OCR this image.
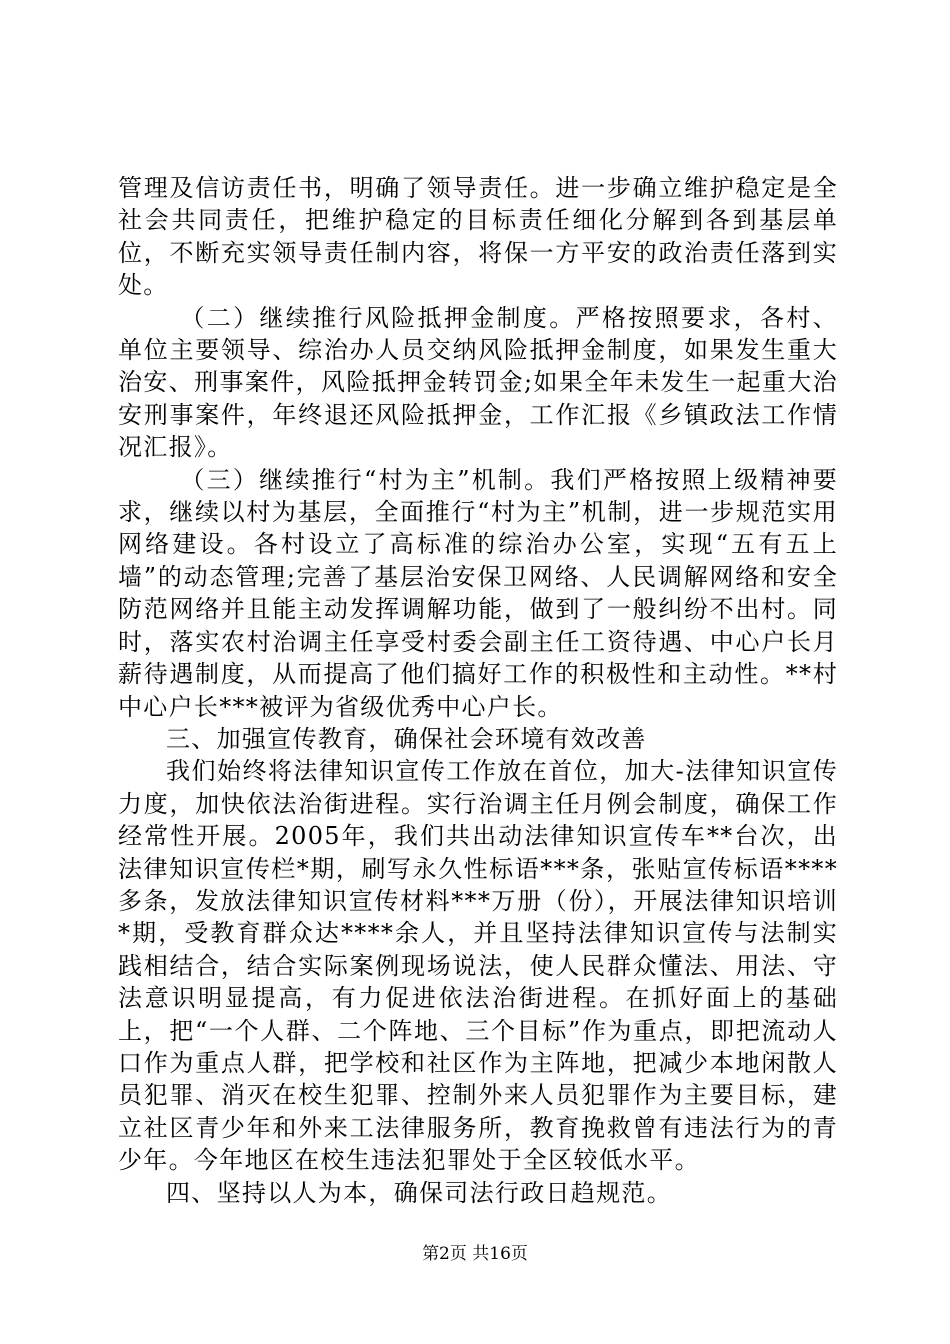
管理及信访责任书，明确了领导责任。进一步确立维护稳定是全社会共同责任，把维护稳定的目标责任细化分解到各到基层单位，不断充实领导责任制内容，将保一方平安的政治责任落到实处。

（二）继续推行风险抵押金制度。严格按照要求，各村、单位主要领导、综治办人员交纳风险抵押金制度，如果发生重大治安、刑事案件，风险抵押金转罚金;如果全年未发生一起重大治安刑事案件，年终退还风险抵押金，工作汇报《乡镇政法工作情况汇报》。

（三）继续推行“村为主”机制。我们严格按照上级精神要求，继续以村为基层，全面推行“村为主”机制，进一步规范实用网络建设。各村设立了高标准的综治办公室，实现“五有五上墙”的动态管理;完善了基层治安保卫网络、人民调解网络和安全防范网络并且能主动发挥调解功能，做到了一般纠纷不出村。同时，落实农村治调主任享受村委会副主任工资待遇、中心户长月薪待遇制度，从而提高了他们搞好工作的积极性和主动性。**村中心户长***被评为省级优秀中心户长。

三、加强宣传教育，确保社会环境有效改善

我们始终将法律知识宣传工作放在首位，加大-法律知识宣传力度，加快依法治街进程。实行治调主任月例会制度，确保工作经常性开展。2005年，我们共出动法律知识宣传车**台次，出法律知识宣传栏*期，刷写永久性标语***条，张贴宣传标语****多条，发放法律知识宣传材料***万册（份），开展法律知识培训*期，受教育群众达****余人，并且坚持法律知识宣传与法制实践相结合，结合实际案例现场说法，使人民群众懂法、用法、守法意识明显提高，有力促进依法治街进程。在抓好面上的基础上，把“一个人群、二个阵地、三个目标”作为重点，即把流动人口作为重点人群，把学校和社区作为主阵地，把减少本地闲散人员犯罪、消灭在校生犯罪、控制外来人员犯罪作为主要目标，建立社区青少年和外来工法律服务所，教育挽救曾有违法行为的青少年。今年地区在校生违法犯罪处于全区较低水平。

四、坚持以人为本，确保司法行政日趋规范。

第2页 共16页
